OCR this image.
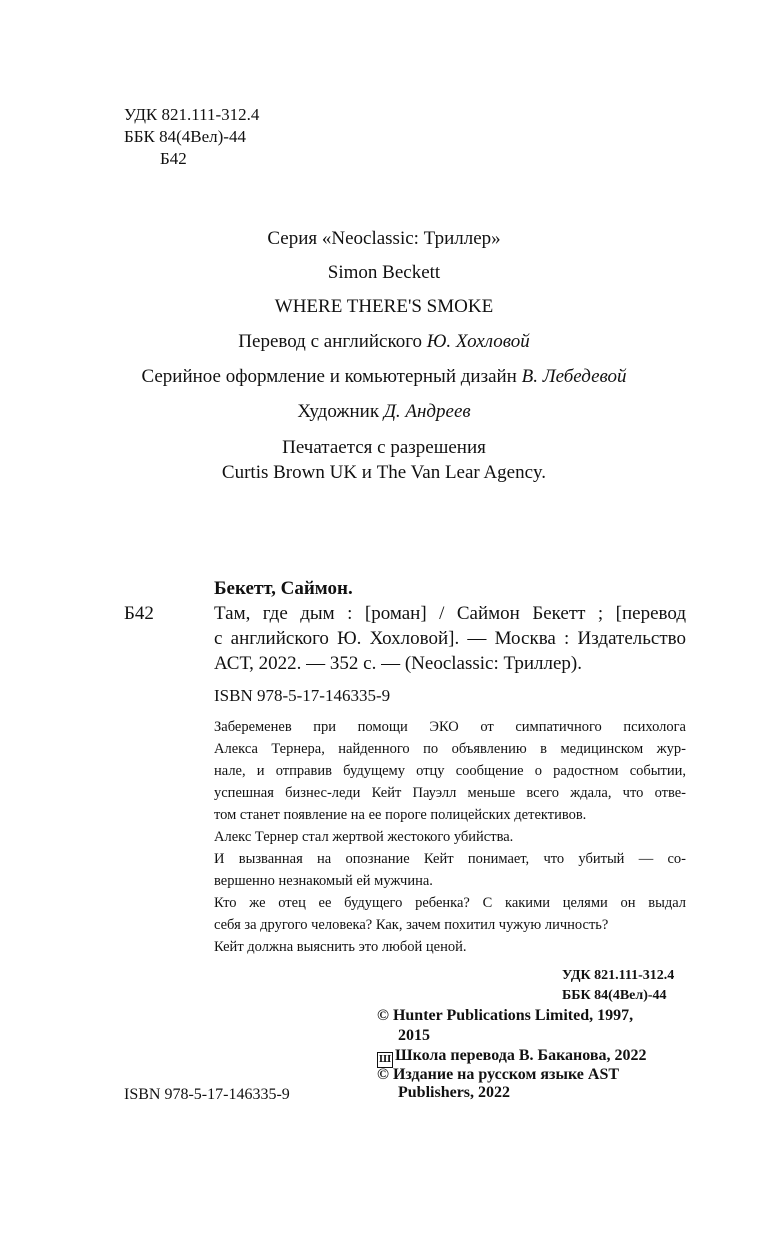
УДК 821.111-312.4
ББК 84(4Вел)-44
Б42
Серия «Neoclassic: Триллер»
Simon Beckett
WHERE THERE'S SMOKE
Перевод с английского Ю. Хохловой
Серийное оформление и комьютерный дизайн В. Лебедевой
Художник Д. Андреев
Печатается с разрешения
Curtis Brown UK и The Van Lear Agency.
Бекетт, Саймон.
Б42	Там, где дым : [роман] / Саймон Бекетт ; [перевод
с английского Ю. Хохловой]. — Москва : Издательство
АСТ, 2022. — 352 с. — (Neoclassic: Триллер).
ISBN 978-5-17-146335-9
Забеременев при помощи ЭКО от симпатичного психолога
Алекса Тернера, найденного по объявлению в медицинском жур-
нале, и отправив будущему отцу сообщение о радостном событии,
успешная бизнес-леди Кейт Пауэлл меньше всего ждала, что отве-
том станет появление на ее пороге полицейских детективов.
Алекс Тернер стал жертвой жестокого убийства.
И вызванная на опознание Кейт понимает, что убитый — со-
вершенно незнакомый ей мужчина.
Кто же отец ее будущего ребенка? С какими целями он выдал
себя за другого человека? Как, зачем похитил чужую личность?
Кейт должна выяснить это любой ценой.
УДК 821.111-312.4
ББК 84(4Вел)-44
© Hunter Publications Limited, 1997,
2015
Ш Школа перевода В. Баканова, 2022
© Издание на русском языке AST
Publishers, 2022
ISBN 978-5-17-146335-9
